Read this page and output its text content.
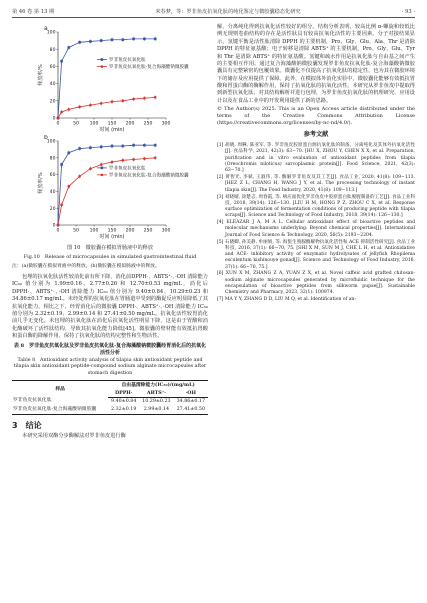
第 46 卷 第 13 期	米春梦，等：罗非鱼皮抗氧化肽的纯化鉴定与微胶囊稳态化研究	· 93 ·
a
0	50 100 150 200 250 300
0
20
40
60
80
100
时间 (min)
释放率/%
罗非鱼皮抗氧化肽
罗非鱼皮抗氧化肽-复合海藻酸钠微胶囊
b
0	50 100 150 200 250 300
0
20
40
60
80
100
时间 (min)
释放率/%
罗非鱼皮抗氧化肽
罗非鱼皮抗氧化肽-复合海藻酸钠微胶囊
图 10　微胶囊在模拟胃肠液中的释放
Fig.10　Release of microcapsules in simulated gastrointestinal fluid
注：(a)微胶囊在模拟胃液中的释放，(b)微胶囊在模拟肠液中的释放。

包埋的抗氧化肽活性较消化前有所下降，消化前DPPH·、ABTS⁺·、·OH 清除能力 IC₅₀ 值分别为 1.99±0.16、2.77±0.26 和 12.70±0.53 mg/mL，消化后 DPPH·、ABTS⁺·、·OH 清除能力 IC₅₀ 值分别为 9.40±0.84、10.29±0.23 和 34.86±0.17 mg/mL。未经处理的抗氧化肽在胃肠道中受到的酶促反应明显降低了其抗氧化能力。相比之下，经胃消化后的微胶囊 DPPH·、ABTS⁺·、·OH 清除能力 IC₅₀ 值分别为 2.32±0.19、2.99±0.14 和 27.41±0.50 mg/mL，抗氧化活性较胃消化前几乎无变化。未包埋的抗氧化肽在消化后抗氧化活性明显下降，这是由于胃酸和消化酶破坏了活性肽结构，导致其抗氧化能力降低[45]。微胶囊的壁材能有效抵抗胃酸和蛋白酶的降解作用，保持了抗氧化肽的结构完整性和生物活性。

表 8　罗非鱼皮抗氧化肽及罗非鱼皮抗氧化肽-复合海藻酸钠微胶囊经胃消化后的抗氧化活性分析
Table 8　Antioxidant activity analysis of tilapia skin antioxidant peptide and tilapia skin antioxidant peptide-compound sodium alginate microcapsules after stomach digestion
样品	自由基清除能力(IC₅₀)/(mg/mL)		
	DPPH·	ABTS⁺·	·OH
罗非鱼皮抗氧化肽	9.40±0.84	10.29±0.23	34.86±0.17
罗非鱼皮抗氧化肽-复合海藻酸钠微胶囊	2.32±0.19	2.99±0.14	27.41±0.50
3　结论

本研究采用双酶分步酶解法对罗非鱼皮进行酶

解，分离纯化得到抗氧化活性较好的组分。结构分析表明，较高比例 α-螺旋和较低比例无规则卷曲结构的存在是活性肽具有较高抗氧化活性的主要因素。分子对接结果显示，氢键平衡是活性肽清除 DPPH 的主要机制，Pro、Gly、Glu、Ala、Thr 是清除 DPPH 的特征氨基酸；电子转移是清除 ABTS⁺ 的主要机制，Pro、Gly、Glu、Tyr 和 Thr 是清除 ABTS⁺ 的特征氨基酸。氢键和疏水作用是抗氧化肽与自由基之间产生的主要相互作用。通过复合海藻酸钠微胶囊发现罗非鱼皮抗氧化肽-复合海藻酸钠微胶囊具有完整紧密的包覆效果。微囊化不仅提高了抗氧化肽的稳定性，也为其在微胶环境下的储存及应用提供了保障。此外，在模拟体外消化实验中，微胶囊化能够有效抵抗胃酸和胃蛋白酶的酶解作用，保持了抗氧化肽的抗氧化活性。本研究从罗非鱼皮中提取得到新型抗氧化肽，对其结构解析并进行包埋，为罗非鱼皮抗氧化肽的机理研究、应用设计以及在食品工业中的开发利用提供了新的思路。

© The Author(s) 2025. This is an Open Access article distributed under the terms of the Creative Commons Attribution License (https://creativecommons.org/licenses/by-nc-nd/4.0/).

参考文献
[1] 胡晓, 周韡, 陈亚军, 等. 罗非鱼皮胶原蛋白源抗氧化肽的制备、分离纯化及其体外抗氧化活性[J]. 食品科学, 2021, 42(3): 63−70. [HU X, ZHOU Y, CHEN X X, et al. Preparation, purification and in vitro evaluation of antioxidant peptides from tilapia (Oreochromis niloticus) sarcoplasmic protein[J]. Food Science, 2021, 42(3): 63−70.]
[2] 黄智光, 李斌, 王淑伟, 等. 酶解罗非鱼皮及其工艺[J]. 食品工业, 2020, 41(8): 109−113. [HEZ Z L, CHANG H, WANG J Y, et al. The processing technology of instant tilapia skin[J]. The Food Industry, 2020, 41(8): 109−113.]
[3] 刘晓晴, 涂楚志, 周春霞, 等. 响应面优化罗非鱼皮中胶原蛋白肽脱腥制备的工艺[J]. 食品工业科技, 2018, 39(14): 126−130. [LIU H M, HONG P Z, ZHOU C X, et al. Response surface optimization of fermentation conditions of producing peptide with tilapia scraps[J]. Science and Technology of Food Industry, 2018, 39(14): 126−130.]
[4] ELEAZAR J A, M A L. Cellular antioxidant effect of bioactive peptides and molecular mechanisms underlying: Beyond chemical properties[J]. International Journal of Food Science & Technology, 2020, 56(5): 2193−2204.
[5] 石晓卿, 孙美静, 牟丽娟, 等. 海蜇生殖腺酶解物抗氧化活性和 ACE 抑制活性研究[J]. 食品工业科技, 2016, 37(1): 66−70, 75. [SHI X M, SUN M J, CHE L H, et al. Antioxidative and ACE- inhibitory activity of enzymatic hydrolysates of jellyfish Rhopilema esculentum kishinouye gonad[J]. Science and Technology of Food Industry, 2016, 37(1): 66−70, 75.]
[6] XUN X M, ZHANG Z A, YUAN Z X, et al. Novel caffeic acid grafted chitosan-sodium alginate microcapsules generated by microfluidic technique for the encapsulation of bioactive peptides from silkworm pupae[J]. Sustainable Chemistry and Pharmacy, 2023, 32(1): 100974.
[7] MA Y Y, ZHANG D D, LIU M Q, et al. Identification of an-
